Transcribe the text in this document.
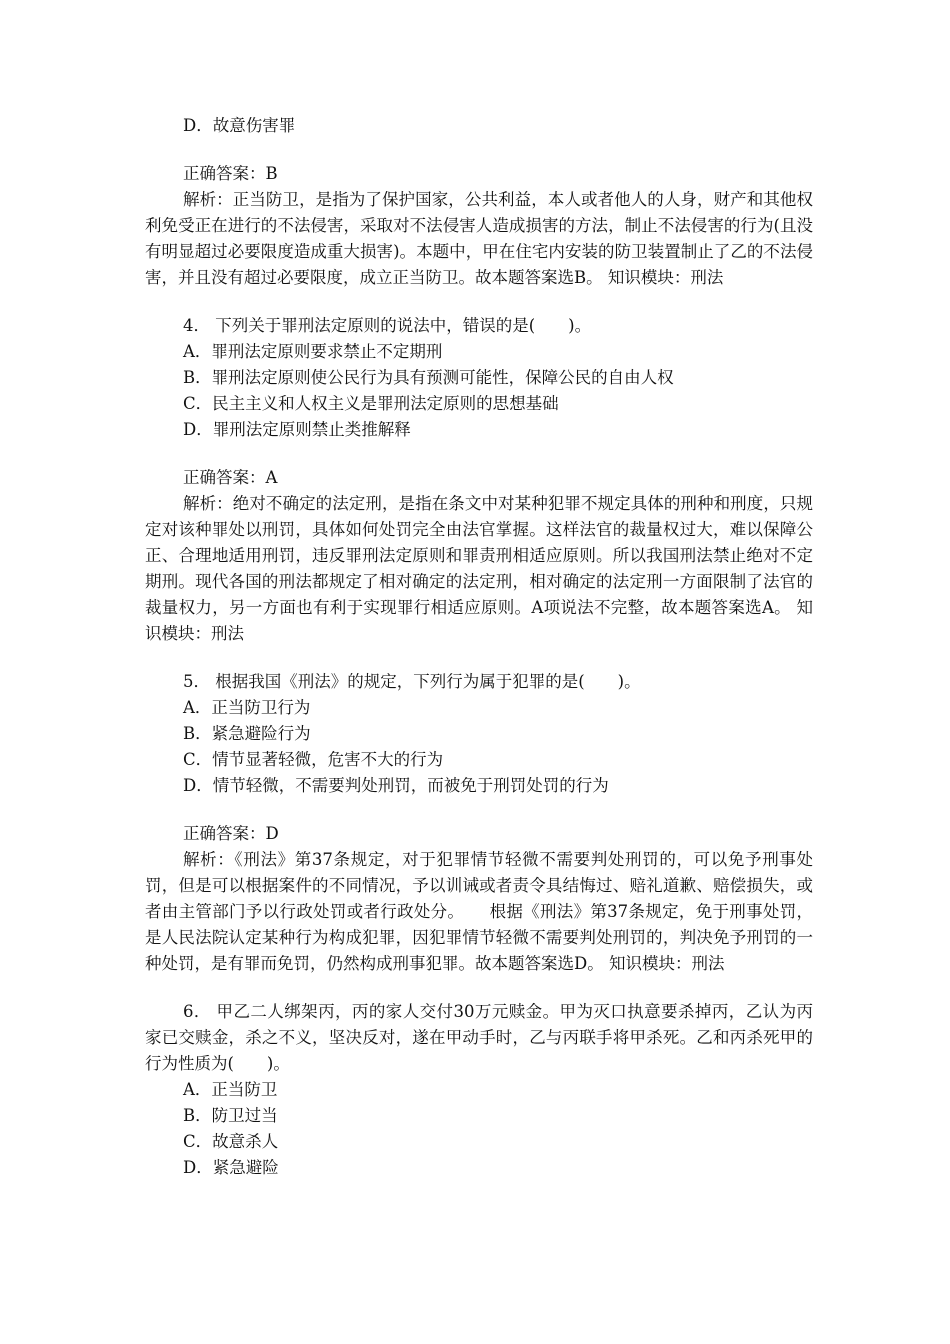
D．故意伤害罪
正确答案：B

解析：正当防卫，是指为了保护国家，公共利益，本人或者他人的人身，财产和其他权利免受正在进行的不法侵害，采取对不法侵害人造成损害的方法，制止不法侵害的行为(且没有明显超过必要限度造成重大损害)。本题中，甲在住宅内安装的防卫装置制止了乙的不法侵害，并且没有超过必要限度，成立正当防卫。故本题答案选B。 知识模块：刑法

4． 下列关于罪刑法定原则的说法中，错误的是(　　)。

A．罪刑法定原则要求禁止不定期刑
B．罪刑法定原则使公民行为具有预测可能性，保障公民的自由人权
C．民主主义和人权主义是罪刑法定原则的思想基础
D．罪刑法定原则禁止类推解释
正确答案：A

解析：绝对不确定的法定刑，是指在条文中对某种犯罪不规定具体的刑种和刑度，只规定对该种罪处以刑罚，具体如何处罚完全由法官掌握。这样法官的裁量权过大，难以保障公正、合理地适用刑罚，违反罪刑法定原则和罪责刑相适应原则。所以我国刑法禁止绝对不定期刑。现代各国的刑法都规定了相对确定的法定刑，相对确定的法定刑一方面限制了法官的裁量权力，另一方面也有利于实现罪行相适应原则。A项说法不完整，故本题答案选A。 知识模块：刑法

5． 根据我国《刑法》的规定，下列行为属于犯罪的是(　　)。

A．正当防卫行为
B．紧急避险行为
C．情节显著轻微，危害不大的行为
D．情节轻微，不需要判处刑罚，而被免于刑罚处罚的行为
正确答案：D

解析：《刑法》第37条规定，对于犯罪情节轻微不需要判处刑罚的，可以免予刑事处罚，但是可以根据案件的不同情况，予以训诫或者责令具结悔过、赔礼道歉、赔偿损失，或者由主管部门予以行政处罚或者行政处分。　　根据《刑法》第37条规定，免于刑事处罚，是人民法院认定某种行为构成犯罪，因犯罪情节轻微不需要判处刑罚的，判决免予刑罚的一种处罚，是有罪而免罚，仍然构成刑事犯罪。故本题答案选D。 知识模块：刑法

6． 甲乙二人绑架丙，丙的家人交付30万元赎金。甲为灭口执意要杀掉丙，乙认为丙家已交赎金，杀之不义，坚决反对，遂在甲动手时，乙与丙联手将甲杀死。乙和丙杀死甲的行为性质为(　　)。

A．正当防卫
B．防卫过当
C．故意杀人
D．紧急避险
